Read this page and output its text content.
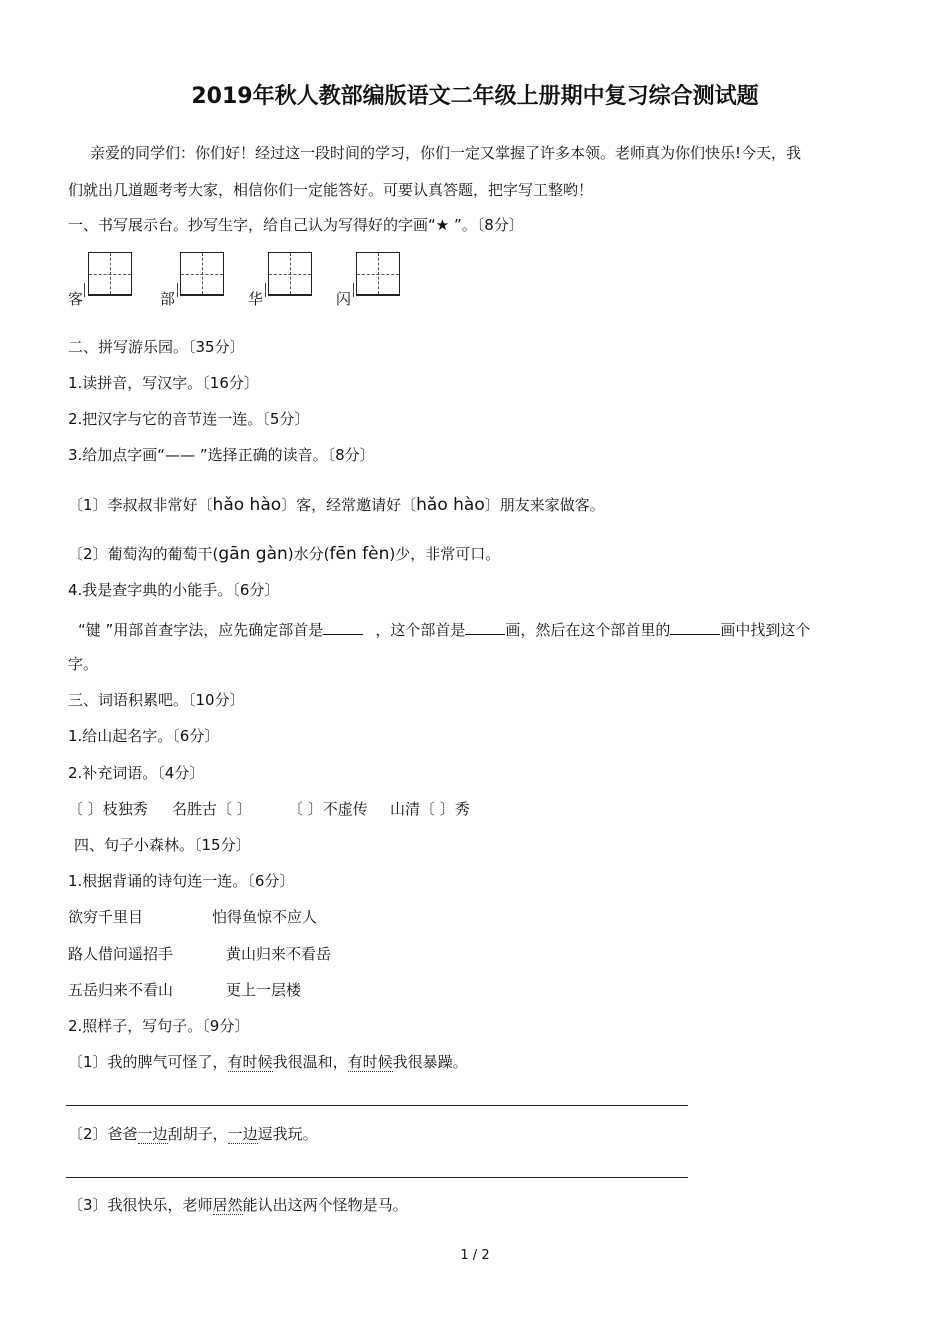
2019年秋人教部编版语文二年级上册期中复习综合测试题
亲爱的同学们：你们好！经过这一段时间的学习，你们一定又掌握了许多本领。老师真为你们快乐!今天，我
们就出几道题考考大家，相信你们一定能答好。可要认真答题，把字写工整哟！
一、书写展示台。抄写生字，给自己认为写得好的字画“★ ”。〔8分〕
客	部	华	闪
二、拼写游乐园。〔35分〕
1.读拼音，写汉字。〔16分〕
2.把汉字与它的音节连一连。〔5分〕
3.给加点字画“—— ”选择正确的读音。〔8分〕
〔1〕李叔叔非常好〔hǎo hào〕客，经常邀请好〔hǎo hào〕朋友来家做客。
〔2〕葡萄沟的葡萄干(gān gàn)水分(fēn fèn)少，非常可口。
4.我是查字典的小能手。〔6分〕
“键 ”用部首查字法，应先确定部首是	，这个部首是	画，然后在这个部首里的	画中找到这个
字。
三、词语积累吧。〔10分〕
1.给山起名字。〔6分〕
2.补充词语。〔4分〕
〔 〕枝独秀 名胜古〔 〕 〔 〕不虚传 山清〔 〕秀
四、句子小森林。〔15分〕
1.根据背诵的诗句连一连。〔6分〕
欲穷千里目	怕得鱼惊不应人
路人借问遥招手	黄山归来不看岳
五岳归来不看山	更上一层楼
2.照样子，写句子。〔9分〕
〔1〕我的脾气可怪了，有时候我很温和，有时候我很暴躁。
〔2〕爸爸一边刮胡子，一边逗我玩。
〔3〕我很快乐，老师居然能认出这两个怪物是马。
1 / 2
